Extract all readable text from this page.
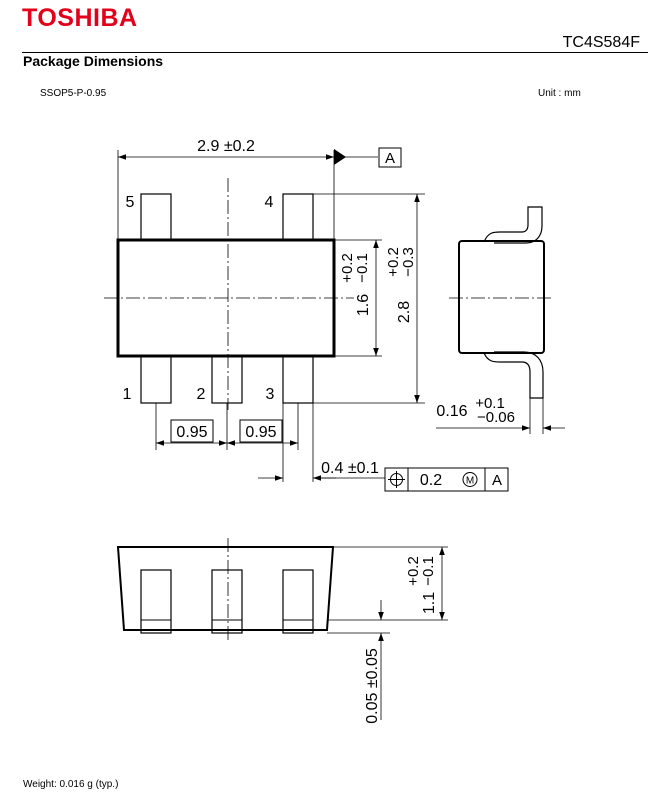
TOSHIBA
TC4S584F
Package Dimensions
SSOP5-P-0.95	Unit : mm
2.9 ±0.2
A
5	4
1	2	3
0.95 0.95
0.4 ±0.1
0.2 M A
1.6
+0.2
−0.1
2.8
+0.2
−0.3
0.16 +0.1
−0.06
1.1
+0.2
−0.1
0.05 ±0.05
Weight: 0.016 g (typ.)
